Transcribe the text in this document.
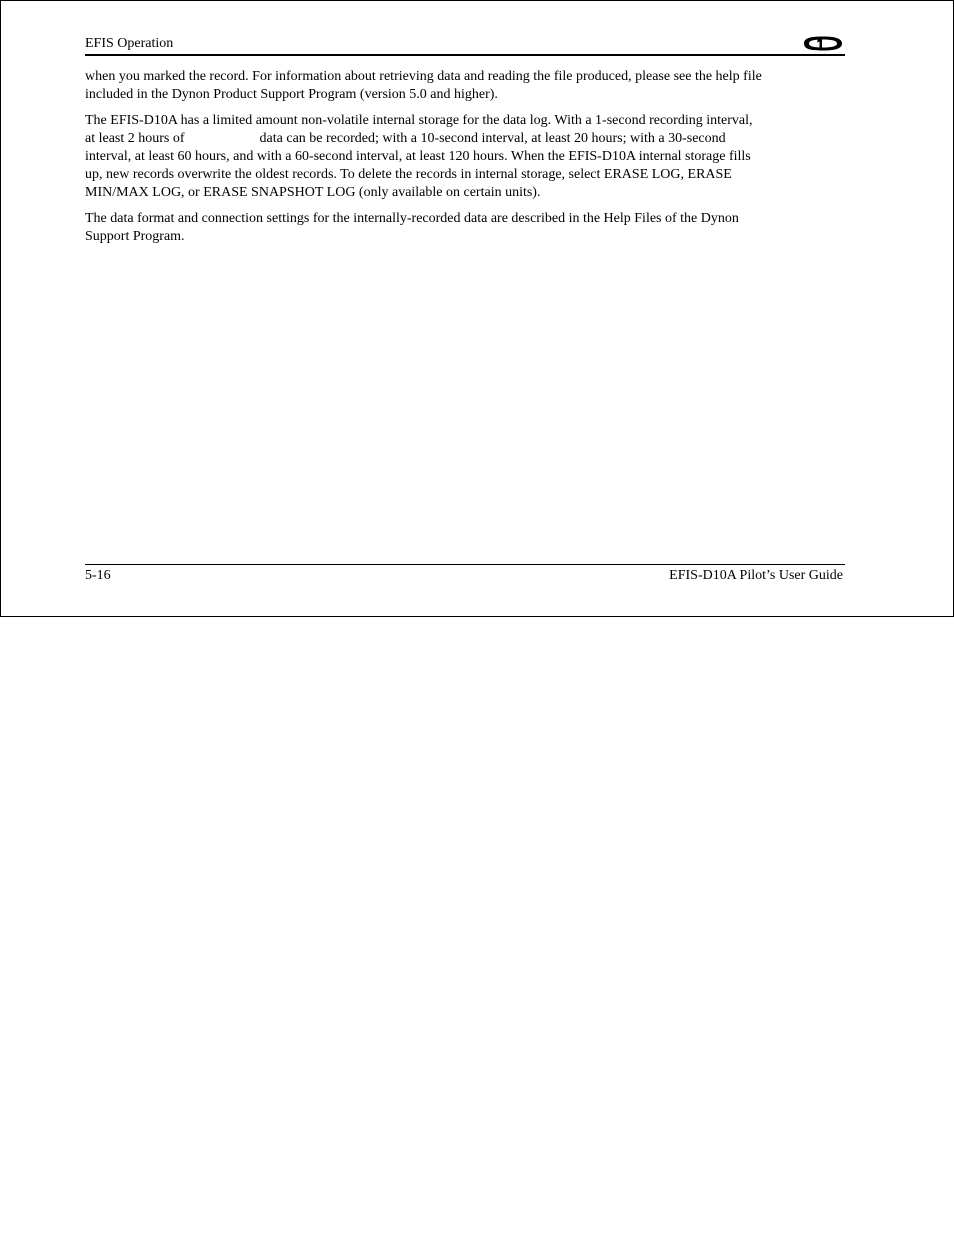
EFIS Operation

when you marked the record. For information about retrieving data and reading the file produced, please see the help file
included in the Dynon Product Support Program (version 5.0 and higher).

The EFIS-D10A has a limited amount non-volatile internal storage for the data log. With a 1-second recording interval,
at least 2 hours of	data can be recorded; with a 10-second interval, at least 20 hours; with a 30-second
interval, at least 60 hours, and with a 60-second interval, at least 120 hours. When the EFIS-D10A internal storage fills
up, new records overwrite the oldest records. To delete the records in internal storage, select ERASE LOG, ERASE
MIN/MAX LOG, or ERASE SNAPSHOT LOG (only available on certain units).

The data format and connection settings for the internally-recorded data are described in the Help Files of the Dynon
Support Program.

5-16	EFIS-D10A Pilot’s User Guide
